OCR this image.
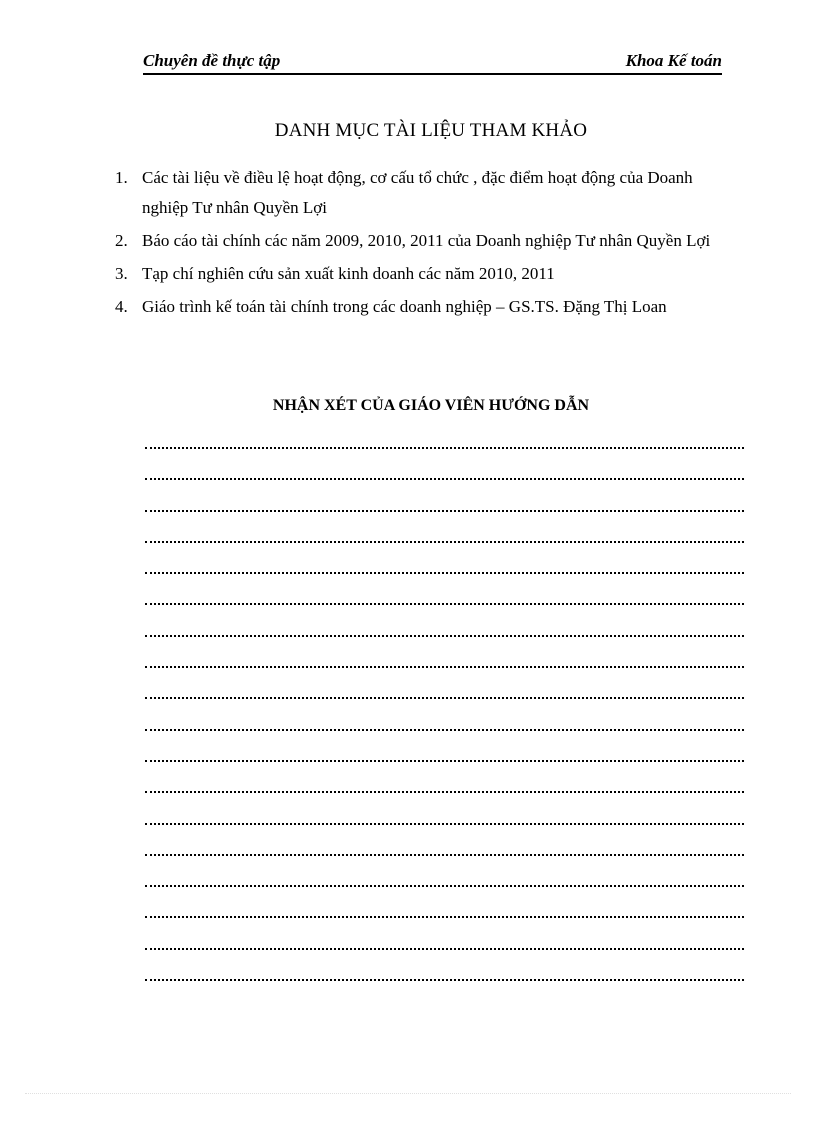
Chuyên đề thực tập	Khoa Kế toán
DANH MỤC TÀI LIỆU THAM KHẢO
1. Các tài liệu về điều lệ hoạt động, cơ cấu tổ chức , đặc điểm hoạt động của Doanh nghiệp Tư nhân Quyền Lợi
2. Báo cáo tài chính các năm 2009, 2010, 2011 của Doanh nghiệp Tư nhân Quyền Lợi
3. Tạp chí nghiên cứu sản xuất kinh doanh các năm 2010, 2011
4. Giáo trình kế toán tài chính trong các doanh nghiệp – GS.TS. Đặng Thị Loan
NHẬN XÉT CỦA GIÁO VIÊN HƯỚNG DẪN
